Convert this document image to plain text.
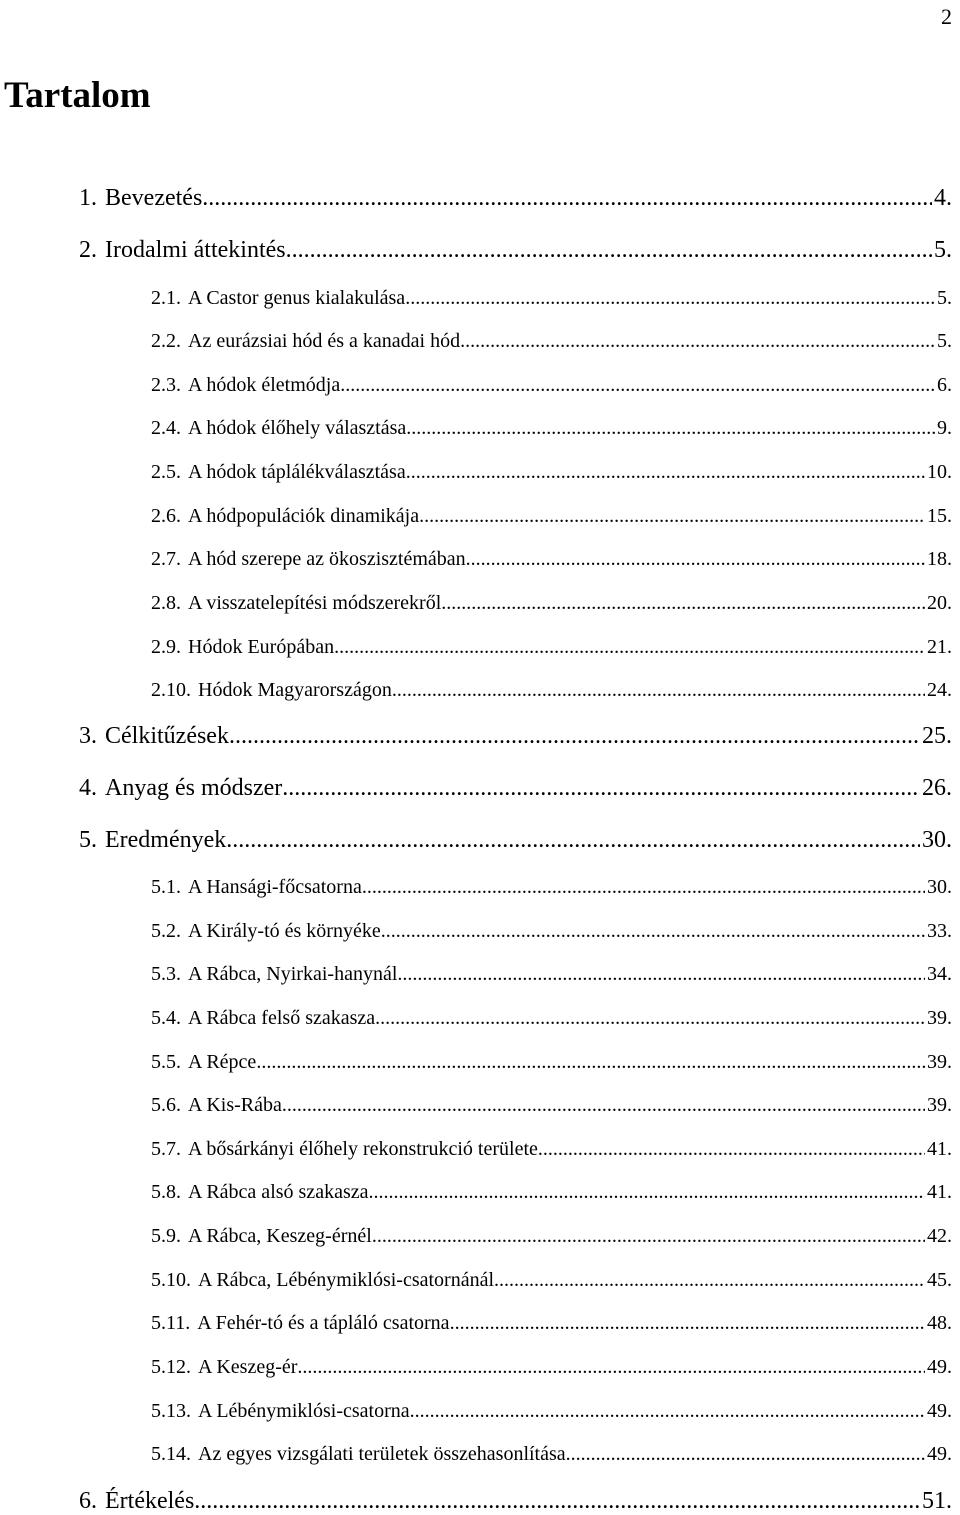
2
Tartalom
1. Bevezetés .....	4.
2. Irodalmi áttekintés .....	5.
2.1. A Castor genus kialakulása .....	5.
2.2. Az eurázsiai hód és a kanadai hód .....	5.
2.3. A hódok életmódja .....	6.
2.4. A hódok élőhely választása .....	9.
2.5. A hódok táplálékválasztása .....	10.
2.6. A hódpopulációk dinamikája .....	15.
2.7. A hód szerepe az ökoszisztémában .....	18.
2.8. A visszatelepítési módszerekről .....	20.
2.9. Hódok Európában .....	21.
2.10. Hódok Magyarországon .....	24.
3. Célkitűzések .....	25.
4. Anyag és módszer .....	26.
5. Eredmények .....	30.
5.1. A Hansági-főcsatorna .....	30.
5.2. A Király-tó és környéke .....	33.
5.3. A Rábca, Nyirkai-hanynál .....	34.
5.4. A Rábca felső szakasza .....	39.
5.5. A Répce .....	39.
5.6. A Kis-Rába .....	39.
5.7. A bősárkányi élőhely rekonstrukció területe .....	41.
5.8. A Rábca alsó szakasza .....	41.
5.9. A Rábca, Keszeg-érnél .....	42.
5.10. A Rábca, Lébénymiklósi-csatornánál .....	45.
5.11. A Fehér-tó és a tápláló csatorna .....	48.
5.12. A Keszeg-ér .....	49.
5.13. A Lébénymiklósi-csatorna .....	49.
5.14. Az egyes vizsgálati területek összehasonlítása .....	49.
6. Értékelés .....	51.
